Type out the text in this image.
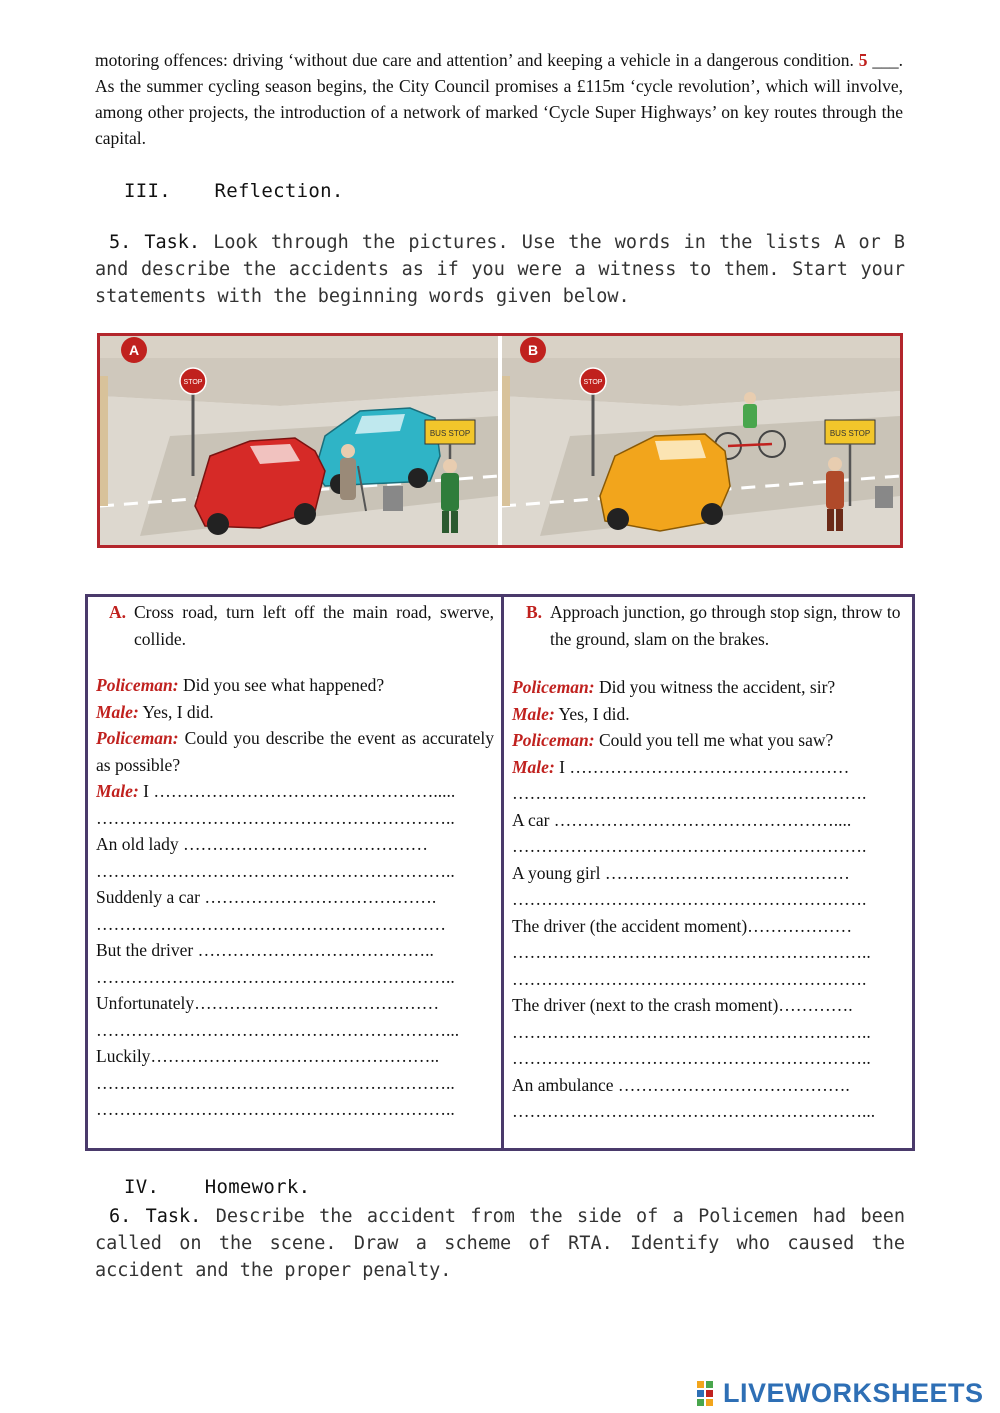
motoring offences: driving ‘without due care and attention’ and keeping a vehicle in a dangerous condition. 5 ___. As the summer cycling season begins, the City Council promises a £115m ‘cycle revolution’, which will involve, among other projects, the introduction of a network of marked ‘Cycle Super Highways’ on key routes through the capital.
III. Reflection.
5. Task. Look through the pictures. Use the words in the lists A or B and describe the accidents as if you were a witness to them. Start your statements with the beginning words given below.
A
STOP
BUS STOP
B
STOP
BUS STOP
A. Cross road, turn left off the main road, swerve, collide.
Policeman: Did you see what happened?
Male: Yes, I did.
Policeman: Could you describe the event as accurately as possible?
Male: I ………………………………………….....
……………………………………………………..
An old lady ……………………………………
……………………………………………………..
Suddenly a car ………………………………….
……………………………………………………
But the driver …………………………………..
……………………………………………………..
Unfortunately……………………………………
……………………………………………………...
Luckily…………………………………………..
……………………………………………………..
……………………………………………………..
B. Approach junction, go through stop sign, throw to the ground, slam on the brakes.
Policeman: Did you witness the accident, sir?
Male: Yes, I did.
Policeman: Could you tell me what you saw?
Male: I …………………………………………
…………………………………………………….
A car …………………………………………....
…………………………………………………….
A young girl ……………………………………
…………………………………………………….
The driver (the accident moment)………………
……………………………………………………..
…………………………………………………….
The driver (next to the crash moment)………….
……………………………………………………..
……………………………………………………..
An ambulance ………………………………….
……………………………………………………...
IV. Homework.
6. Task. Describe the accident from the side of a Policemen had been called on the scene. Draw a scheme of RTA. Identify who caused the accident and the proper penalty.
LIVEWORKSHEETS
